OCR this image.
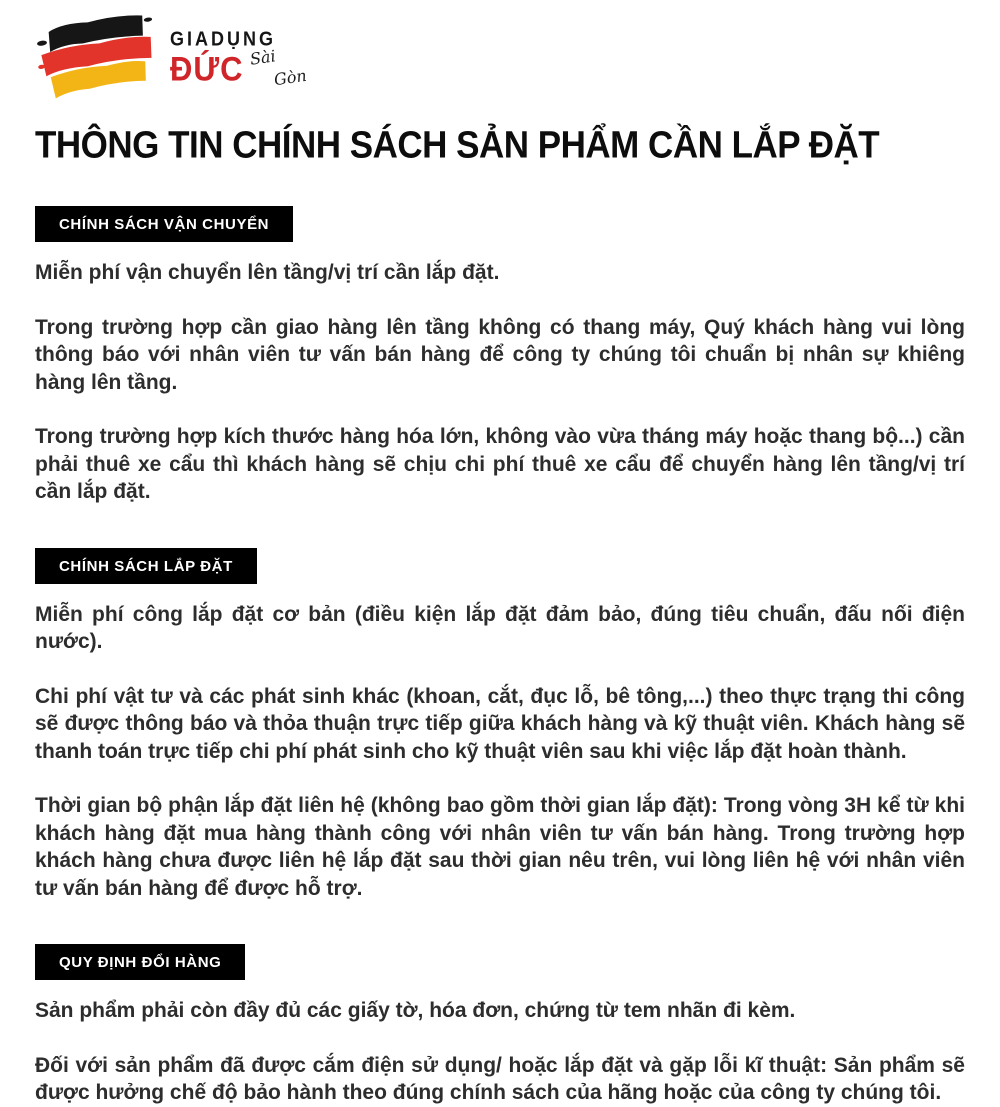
GIADỤNG
ĐỨC Sài
Gòn
THÔNG TIN CHÍNH SÁCH SẢN PHẨM CẦN LẮP ĐẶT
CHÍNH SÁCH VẬN CHUYỂN

Miễn phí vận chuyển lên tầng/vị trí cần lắp đặt.

Trong trường hợp cần giao hàng lên tầng không có thang máy, Quý khách hàng vui lòng thông báo với nhân viên tư vấn bán hàng để công ty chúng tôi chuẩn bị nhân sự khiêng hàng lên tầng.

Trong trường hợp kích thước hàng hóa lớn, không vào vừa tháng máy hoặc thang bộ...) cần phải thuê xe cẩu thì khách hàng sẽ chịu chi phí thuê xe cẩu để chuyển hàng lên tầng/vị trí cần lắp đặt.

CHÍNH SÁCH LẮP ĐẶT

Miễn phí công lắp đặt cơ bản (điều kiện lắp đặt đảm bảo, đúng tiêu chuẩn, đấu nối điện nước).

Chi phí vật tư và các phát sinh khác (khoan, cắt, đục lỗ, bê tông,...) theo thực trạng thi công sẽ được thông báo và thỏa thuận trực tiếp giữa khách hàng và kỹ thuật viên. Khách hàng sẽ thanh toán trực tiếp chi phí phát sinh cho kỹ thuật viên sau khi việc lắp đặt hoàn thành.

Thời gian bộ phận lắp đặt liên hệ (không bao gồm thời gian lắp đặt): Trong vòng 3H kể từ khi khách hàng đặt mua hàng thành công với nhân viên tư vấn bán hàng. Trong trường hợp khách hàng chưa được liên hệ lắp đặt sau thời gian nêu trên, vui lòng liên hệ với nhân viên tư vấn bán hàng để được hỗ trợ.

QUY ĐỊNH ĐỔI HÀNG

Sản phẩm phải còn đầy đủ các giấy tờ, hóa đơn, chứng từ tem nhãn đi kèm.

Đối với sản phẩm đã được cắm điện sử dụng/ hoặc lắp đặt và gặp lỗi kĩ thuật: Sản phẩm sẽ được hưởng chế độ bảo hành theo đúng chính sách của hãng hoặc của công ty chúng tôi.
